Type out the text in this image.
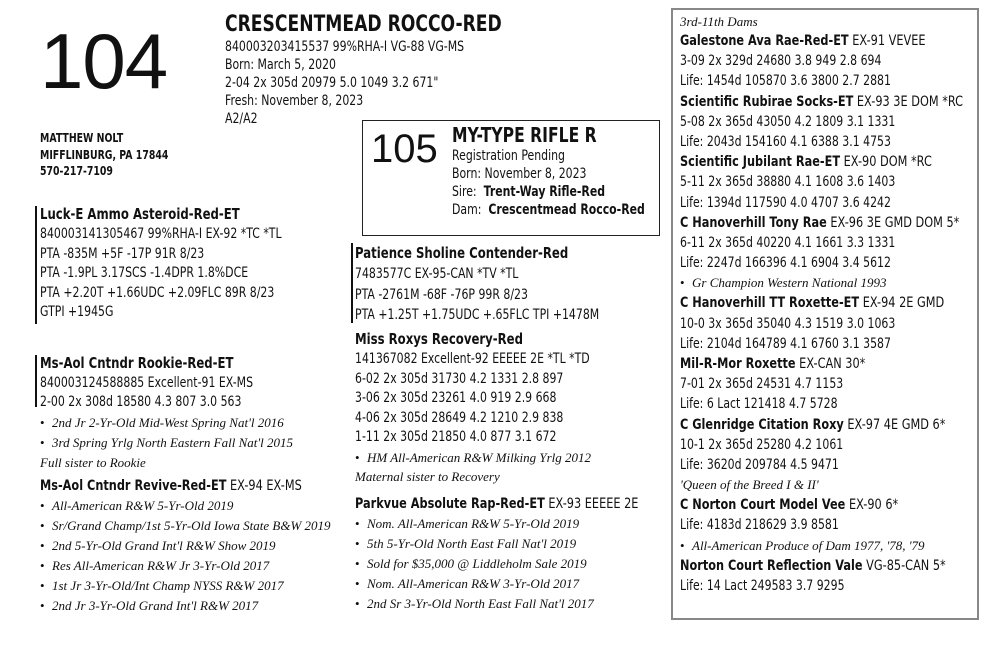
104	CRESCENTMEAD ROCCO-RED
840003203415537 99%RHA-I VG-88 VG-MS
Born: March 5, 2020
2-04 2x 305d 20979 5.0 1049 3.2 671"
Fresh: November 8, 2023
A2/A2
MATTHEW NOLT
MIFFLINBURG, PA 17844
570-217-7109	105 MY-TYPE RIFLE R
Registration Pending
Born: November 8, 2023
Sire: Trent-Way Rifle-Red
Dam: Crescentmead Rocco-Red
Luck-E Ammo Asteroid-Red-ET
840003141305467 99%RHA-I EX-92 *TC *TL
PTA -835M +5F -17P 91R 8/23
PTA -1.9PL 3.17SCS -1.4DPR 1.8%DCE
PTA +2.20T +1.66UDC +2.09FLC 89R 8/23
GTPI +1945G
Ms-Aol Cntndr Rookie-Red-ET
840003124588885 Excellent-91 EX-MS
2-00 2x 308d 18580 4.3 807 3.0 563
• 2nd Jr 2-Yr-Old Mid-West Spring Nat'l 2016
• 3rd Spring Yrlg North Eastern Fall Nat'l 2015
Full sister to Rookie
Ms-Aol Cntndr Revive-Red-ET EX-94 EX-MS
• All-American R&W 5-Yr-Old 2019
• Sr/Grand Champ/1st 5-Yr-Old Iowa State B&W 2019
• 2nd 5-Yr-Old Grand Int'l R&W Show 2019
• Res All-American R&W Jr 3-Yr-Old 2017
• 1st Jr 3-Yr-Old/Int Champ NYSS R&W 2017
• 2nd Jr 3-Yr-Old Grand Int'l R&W 2017
Patience Sholine Contender-Red
7483577C EX-95-CAN *TV *TL
PTA -2761M -68F -76P 99R 8/23
PTA +1.25T +1.75UDC +.65FLC TPI +1478M
Miss Roxys Recovery-Red
141367082 Excellent-92 EEEEE 2E *TL *TD
6-02 2x 305d 31730 4.2 1331 2.8 897
3-06 2x 305d 23261 4.0 919 2.9 668
4-06 2x 305d 28649 4.2 1210 2.9 838
1-11 2x 305d 21850 4.0 877 3.1 672
• HM All-American R&W Milking Yrlg 2012
Maternal sister to Recovery
Parkvue Absolute Rap-Red-ET EX-93 EEEEE 2E
• Nom. All-American R&W 5-Yr-Old 2019
• 5th 5-Yr-Old North East Fall Nat'l 2019
• Sold for $35,000 @ Liddleholm Sale 2019
• Nom. All-American R&W 3-Yr-Old 2017
• 2nd Sr 3-Yr-Old North East Fall Nat'l 2017
3rd-11th Dams
Galestone Ava Rae-Red-ET EX-91 VEVEE
3-09 2x 329d 24680 3.8 949 2.8 694
Life: 1454d 105870 3.6 3800 2.7 2881
Scientific Rubirae Socks-ET EX-93 3E DOM *RC
5-08 2x 365d 43050 4.2 1809 3.1 1331
Life: 2043d 154160 4.1 6388 3.1 4753
Scientific Jubilant Rae-ET EX-90 DOM *RC
5-11 2x 365d 38880 4.1 1608 3.6 1403
Life: 1394d 117590 4.0 4707 3.6 4242
C Hanoverhill Tony Rae EX-96 3E GMD DOM 5*
6-11 2x 365d 40220 4.1 1661 3.3 1331
Life: 2247d 166396 4.1 6904 3.4 5612
• Gr Champion Western National 1993
C Hanoverhill TT Roxette-ET EX-94 2E GMD
10-0 3x 365d 35040 4.3 1519 3.0 1063
Life: 2104d 164789 4.1 6760 3.1 3587
Mil-R-Mor Roxette EX-CAN 30*
7-01 2x 365d 24531 4.7 1153
Life: 6 Lact 121418 4.7 5728
C Glenridge Citation Roxy EX-97 4E GMD 6*
10-1 2x 365d 25280 4.2 1061
Life: 3620d 209784 4.5 9471
'Queen of the Breed I & II'
C Norton Court Model Vee EX-90 6*
Life: 4183d 218629 3.9 8581
• All-American Produce of Dam 1977, '78, '79
Norton Court Reflection Vale VG-85-CAN 5*
Life: 14 Lact 249583 3.7 9295
